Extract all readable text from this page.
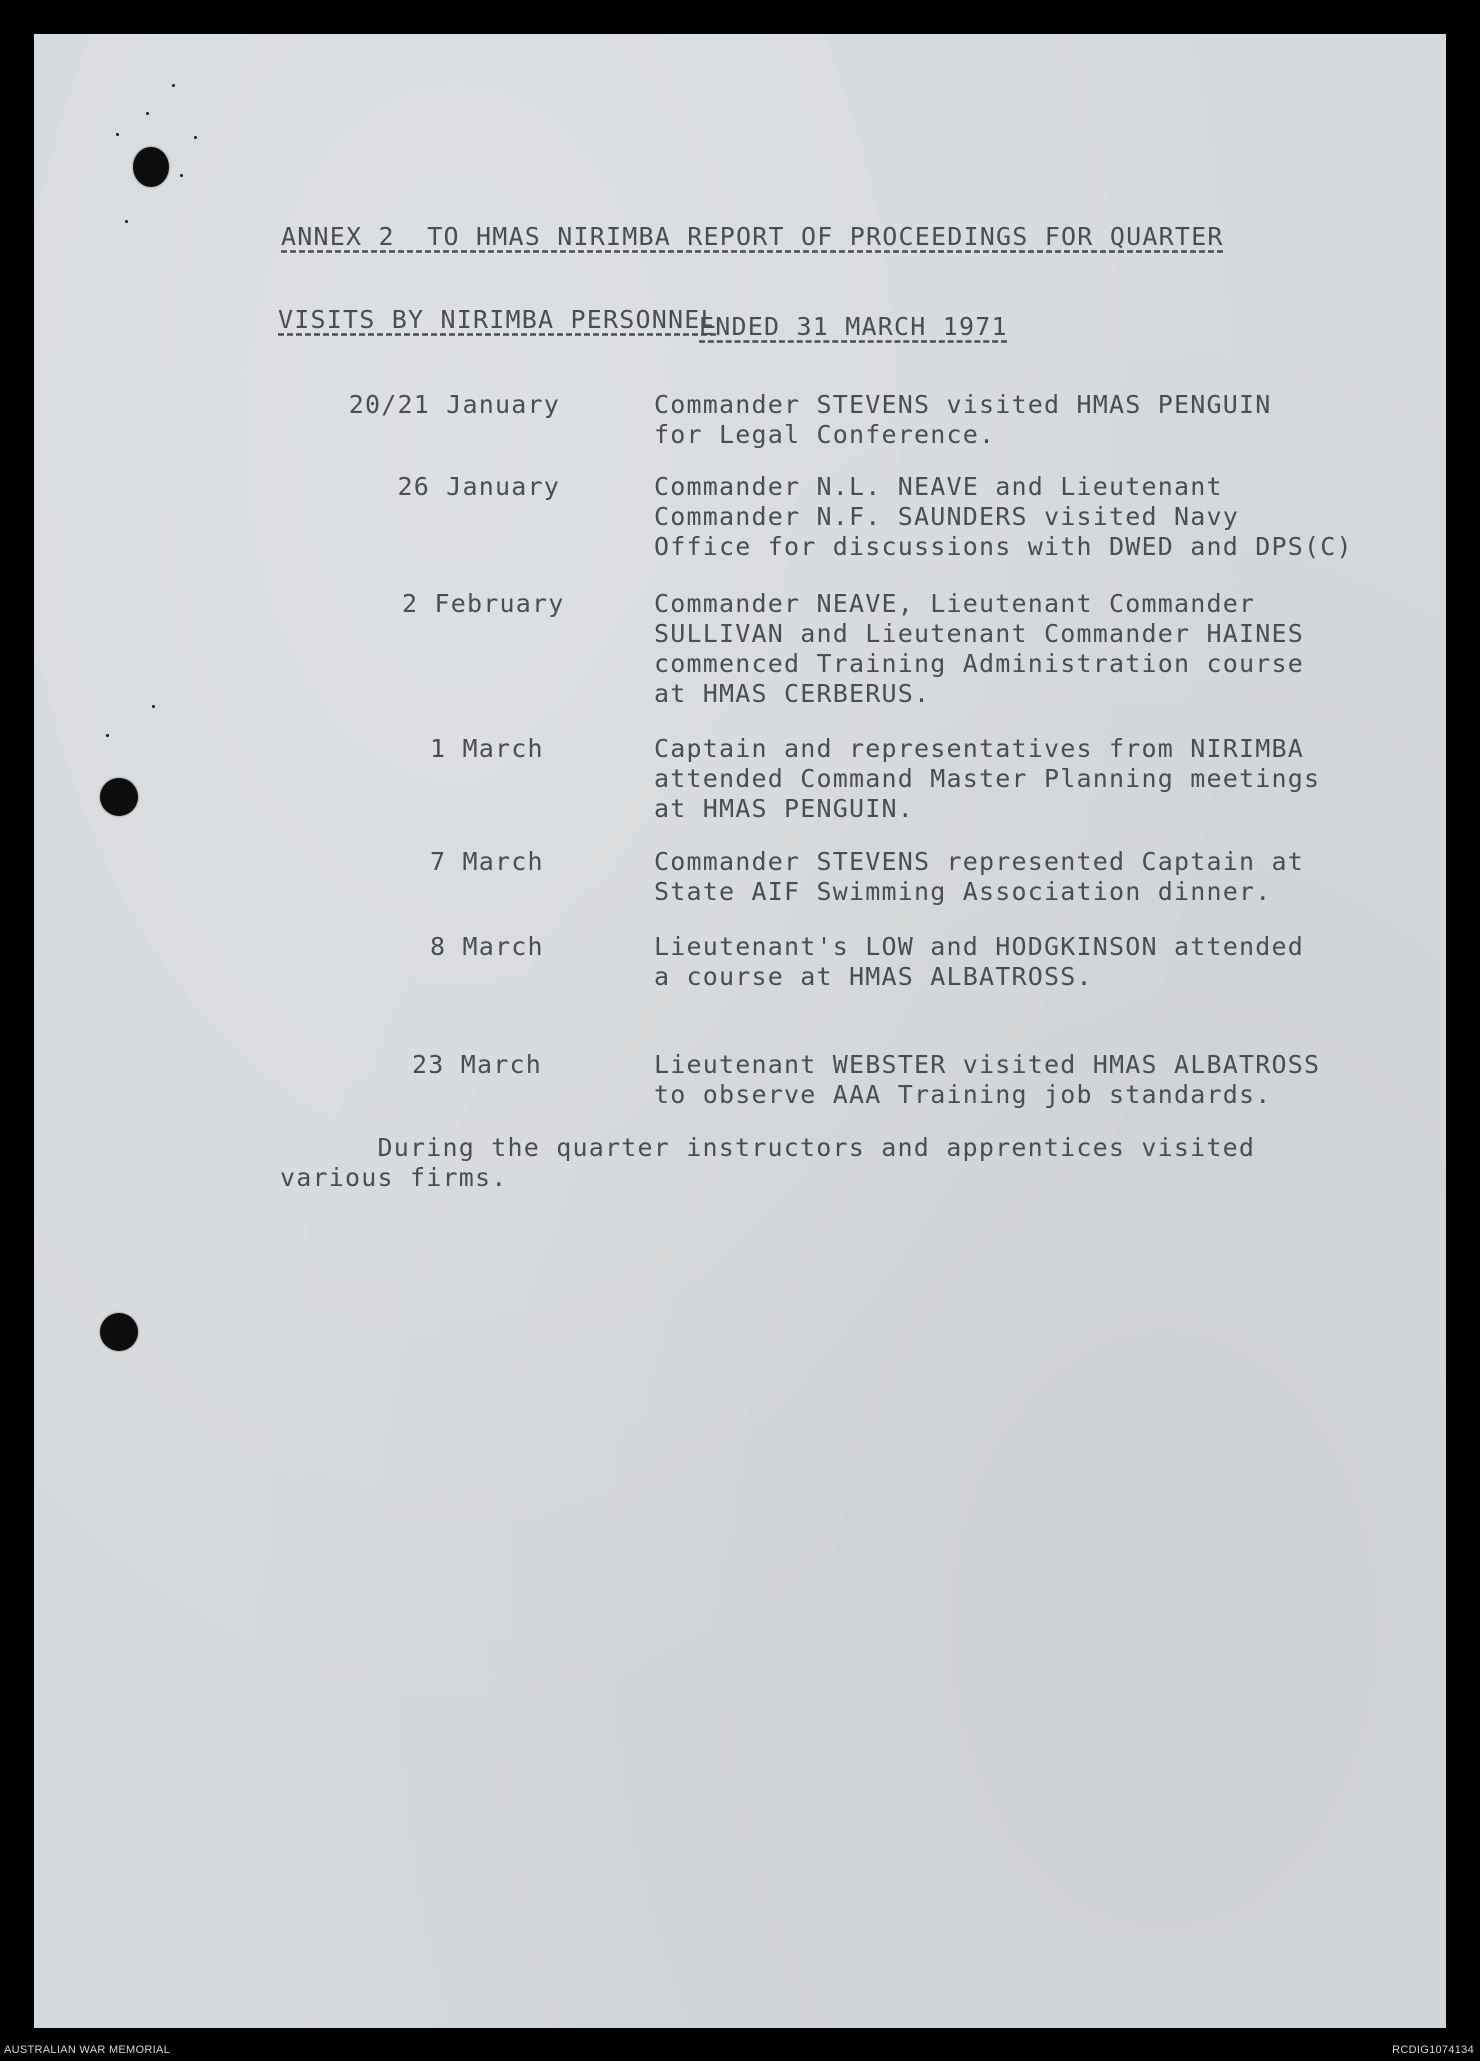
ANNEX 2  TO HMAS NIRIMBA REPORT OF PROCEEDINGS FOR QUARTER

ENDED 31 MARCH 1971

VISITS BY NIRIMBA PERSONNEL
20/21 January	Commander STEVENS visited HMAS PENGUIN
for Legal Conference.
26 January	Commander N.L. NEAVE and Lieutenant
Commander N.F. SAUNDERS visited Navy
Office for discussions with DWED and DPS(C)
2 February	Commander NEAVE, Lieutenant Commander
SULLIVAN and Lieutenant Commander HAINES
commenced Training Administration course
at HMAS CERBERUS.
1 March	Captain and representatives from NIRIMBA
attended Command Master Planning meetings
at HMAS PENGUIN.
7 March	Commander STEVENS represented Captain at
State AIF Swimming Association dinner.
8 March	Lieutenant's LOW and HODGKINSON attended
a course at HMAS ALBATROSS.
23 March	Lieutenant WEBSTER visited HMAS ALBATROSS
to observe AAA Training job standards.
During the quarter instructors and apprentices visited
various firms.
AUSTRALIAN WAR MEMORIAL	RCDIG1074134
